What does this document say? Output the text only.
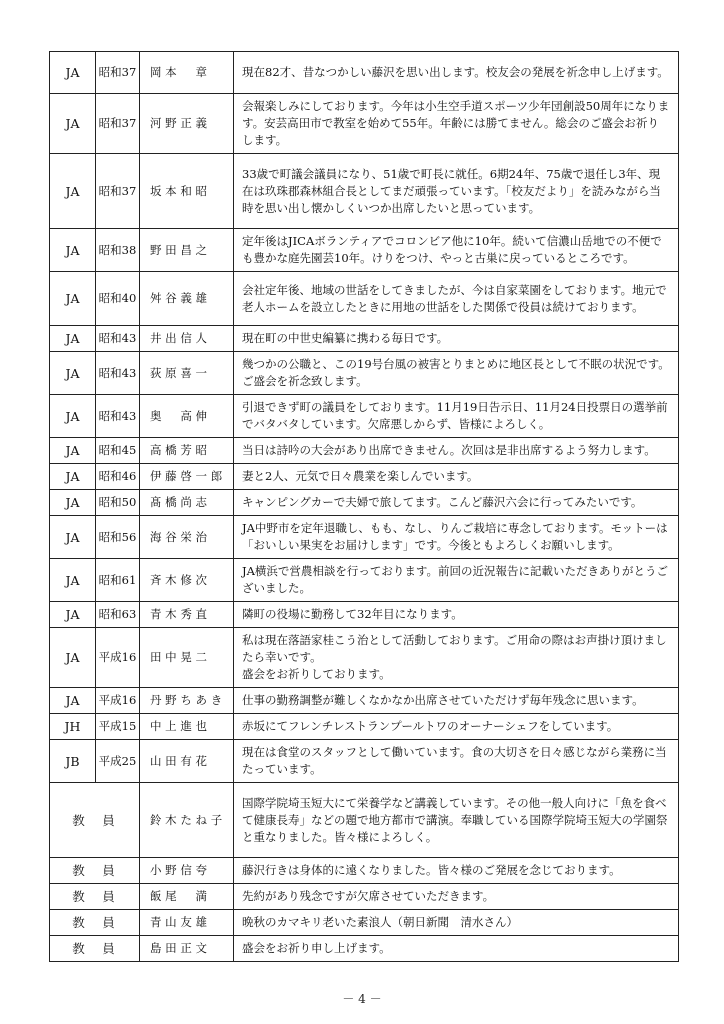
JA	昭和37	岡本　章	現在82才、昔なつかしい藤沢を思い出します。校友会の発展を祈念申し上げます。
JA	昭和37	河野正義	会報楽しみにしております。今年は小生空手道スポーツ少年団創設50周年になります。安芸高田市で教室を始めて55年。年齢には勝てません。総会のご盛会お祈りします。
JA	昭和37	坂本和昭	33歳で町議会議員になり、51歳で町長に就任。6期24年、75歳で退任し3年、現在は玖珠郡森林組合長としてまだ頑張っています。「校友だより」を読みながら当時を思い出し懐かしくいつか出席したいと思っています。
JA	昭和38	野田昌之	定年後はJICAボランティアでコロンビア他に10年。続いて信濃山岳地での不便でも豊かな庭先園芸10年。けりをつけ、やっと古巣に戻っているところです。
JA	昭和40	舛谷義雄	会社定年後、地域の世話をしてきましたが、今は自家菜園をしております。地元で老人ホームを設立したときに用地の世話をした関係で役員は続けております。
JA	昭和43	井出信人	現在町の中世史編纂に携わる毎日です。
JA	昭和43	荻原喜一	幾つかの公職と、この19号台風の被害とりまとめに地区長として不眠の状況です。ご盛会を祈念致します。
JA	昭和43	奥　高伸	引退できず町の議員をしております。11月19日告示日、11月24日投票日の選挙前でバタバタしています。欠席悪しからず、皆様によろしく。
JA	昭和45	高橋芳昭	当日は詩吟の大会があり出席できません。次回は是非出席するよう努力します。
JA	昭和46	伊藤啓一郎	妻と2人、元気で日々農業を楽しんでいます。
JA	昭和50	髙橋尚志	キャンピングカーで夫婦で旅してます。こんど藤沢六会に行ってみたいです。
JA	昭和56	海谷栄治	JA中野市を定年退職し、もも、なし、りんご栽培に専念しております。モットーは「おいしい果実をお届けします」です。今後ともよろしくお願いします。
JA	昭和61	斉木修次	JA横浜で営農相談を行っております。前回の近況報告に記載いただきありがとうございました。
JA	昭和63	青木秀直	隣町の役場に勤務して32年目になります。
JA	平成16	田中晃二	私は現在落語家桂こう治として活動しております。ご用命の際はお声掛け頂けましたら幸いです。
盛会をお祈りしております。
JA	平成16	丹野ちあき	仕事の勤務調整が難しくなかなか出席させていただけず毎年残念に思います。
JH	平成15	中上進也	赤坂にてフレンチレストランプールトワのオーナーシェフをしています。
JB	平成25	山田有花	現在は食堂のスタッフとして働いています。食の大切さを日々感じながら業務に当たっています。
教員		鈴木たね子	国際学院埼玉短大にて栄養学など講義しています。その他一般人向けに「魚を食べて健康長寿」などの題で地方都市で講演。奉職している国際学院埼玉短大の学園祭と重なりました。皆々様によろしく。
教員		小野信夸	藤沢行きは身体的に遠くなりました。皆々様のご発展を念じております。
教員		飯尾　満	先約があり残念ですが欠席させていただきます。
教員		青山友雄	晩秋のカマキリ老いた素浪人（朝日新聞　清水さん）
教員		島田正文	盛会をお祈り申し上げます。
－ 4 －
